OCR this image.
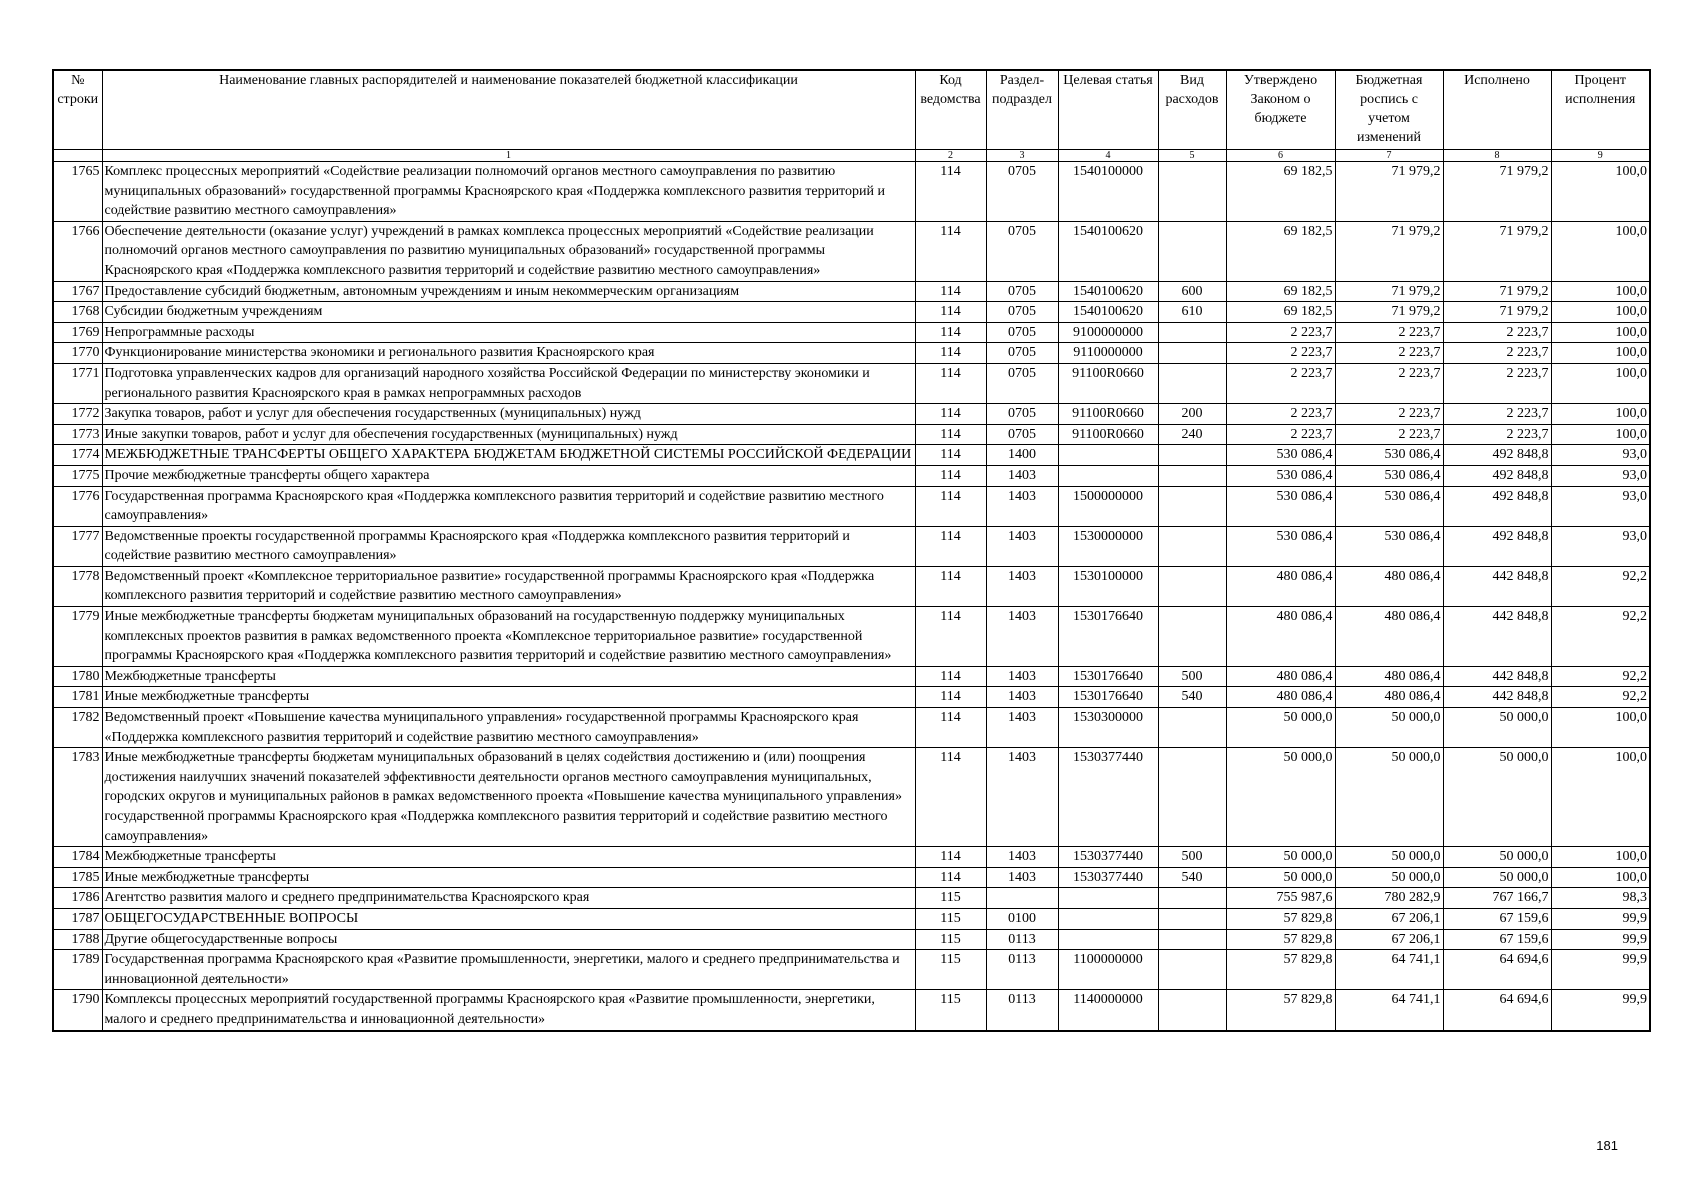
№ строки	Наименование главных распорядителей и наименование показателей бюджетной классификации	Код ведомства	Раздел-подраздел	Целевая статья	Вид расходов	Утверждено Законом о бюджете	Бюджетная роспись с учетом изменений	Исполнено	Процент исполнения
	1	2	3	4	5	6	7	8	9
1765	Комплекс процессных мероприятий «Содействие реализации полномочий органов местного самоуправления по развитию муниципальных образований» государственной программы Красноярского края «Поддержка комплексного развития территорий и содействие развитию местного самоуправления»	114	0705	1540100000		69 182,5	71 979,2	71 979,2	100,0
1766	Обеспечение деятельности (оказание услуг) учреждений в рамках комплекса процессных мероприятий «Содействие реализации полномочий органов местного самоуправления по развитию муниципальных образований» государственной программы Красноярского края «Поддержка комплексного развития территорий и содействие развитию местного самоуправления»	114	0705	1540100620		69 182,5	71 979,2	71 979,2	100,0
1767	Предоставление субсидий бюджетным, автономным учреждениям и иным некоммерческим организациям	114	0705	1540100620	600	69 182,5	71 979,2	71 979,2	100,0
1768	Субсидии бюджетным учреждениям	114	0705	1540100620	610	69 182,5	71 979,2	71 979,2	100,0
1769	Непрограммные расходы	114	0705	9100000000		2 223,7	2 223,7	2 223,7	100,0
1770	Функционирование министерства экономики и регионального развития Красноярского края	114	0705	9110000000		2 223,7	2 223,7	2 223,7	100,0
1771	Подготовка управленческих кадров для организаций народного хозяйства Российской Федерации по министерству экономики и регионального развития Красноярского края в рамках непрограммных расходов	114	0705	91100R0660		2 223,7	2 223,7	2 223,7	100,0
1772	Закупка товаров, работ и услуг для обеспечения государственных (муниципальных) нужд	114	0705	91100R0660	200	2 223,7	2 223,7	2 223,7	100,0
1773	Иные закупки товаров, работ и услуг для обеспечения государственных (муниципальных) нужд	114	0705	91100R0660	240	2 223,7	2 223,7	2 223,7	100,0
1774	МЕЖБЮДЖЕТНЫЕ ТРАНСФЕРТЫ ОБЩЕГО ХАРАКТЕРА БЮДЖЕТАМ БЮДЖЕТНОЙ СИСТЕМЫ РОССИЙСКОЙ ФЕДЕРАЦИИ	114	1400			530 086,4	530 086,4	492 848,8	93,0
1775	Прочие межбюджетные трансферты общего характера	114	1403			530 086,4	530 086,4	492 848,8	93,0
1776	Государственная программа Красноярского края «Поддержка комплексного развития территорий и содействие развитию местного самоуправления»	114	1403	1500000000		530 086,4	530 086,4	492 848,8	93,0
1777	Ведомственные проекты государственной программы Красноярского края «Поддержка комплексного развития территорий и содействие развитию местного самоуправления»	114	1403	1530000000		530 086,4	530 086,4	492 848,8	93,0
1778	Ведомственный проект «Комплексное территориальное развитие» государственной программы Красноярского края «Поддержка комплексного развития территорий и содействие развитию местного самоуправления»	114	1403	1530100000		480 086,4	480 086,4	442 848,8	92,2
1779	Иные межбюджетные трансферты бюджетам муниципальных образований на государственную поддержку муниципальных комплексных проектов развития в рамках ведомственного проекта «Комплексное территориальное развитие» государственной программы Красноярского края «Поддержка комплексного развития территорий и содействие развитию местного самоуправления»	114	1403	1530176640		480 086,4	480 086,4	442 848,8	92,2
1780	Межбюджетные трансферты	114	1403	1530176640	500	480 086,4	480 086,4	442 848,8	92,2
1781	Иные межбюджетные трансферты	114	1403	1530176640	540	480 086,4	480 086,4	442 848,8	92,2
1782	Ведомственный проект «Повышение качества муниципального управления» государственной программы Красноярского края «Поддержка комплексного развития территорий и содействие развитию местного самоуправления»	114	1403	1530300000		50 000,0	50 000,0	50 000,0	100,0
1783	Иные межбюджетные трансферты бюджетам муниципальных образований в целях содействия достижению и (или) поощрения достижения наилучших значений показателей эффективности деятельности органов местного самоуправления муниципальных, городских округов и муниципальных районов в рамках ведомственного проекта «Повышение качества муниципального управления» государственной программы Красноярского края «Поддержка комплексного развития территорий и содействие развитию местного самоуправления»	114	1403	1530377440		50 000,0	50 000,0	50 000,0	100,0
1784	Межбюджетные трансферты	114	1403	1530377440	500	50 000,0	50 000,0	50 000,0	100,0
1785	Иные межбюджетные трансферты	114	1403	1530377440	540	50 000,0	50 000,0	50 000,0	100,0
1786	Агентство развития малого и среднего предпринимательства Красноярского края	115				755 987,6	780 282,9	767 166,7	98,3
1787	ОБЩЕГОСУДАРСТВЕННЫЕ ВОПРОСЫ	115	0100			57 829,8	67 206,1	67 159,6	99,9
1788	Другие общегосударственные вопросы	115	0113			57 829,8	67 206,1	67 159,6	99,9
1789	Государственная программа Красноярского края «Развитие промышленности, энергетики, малого и среднего предпринимательства и инновационной деятельности»	115	0113	1100000000		57 829,8	64 741,1	64 694,6	99,9
1790	Комплексы процессных мероприятий государственной программы Красноярского края «Развитие промышленности, энергетики, малого и среднего предпринимательства и инновационной деятельности»	115	0113	1140000000		57 829,8	64 741,1	64 694,6	99,9
181
